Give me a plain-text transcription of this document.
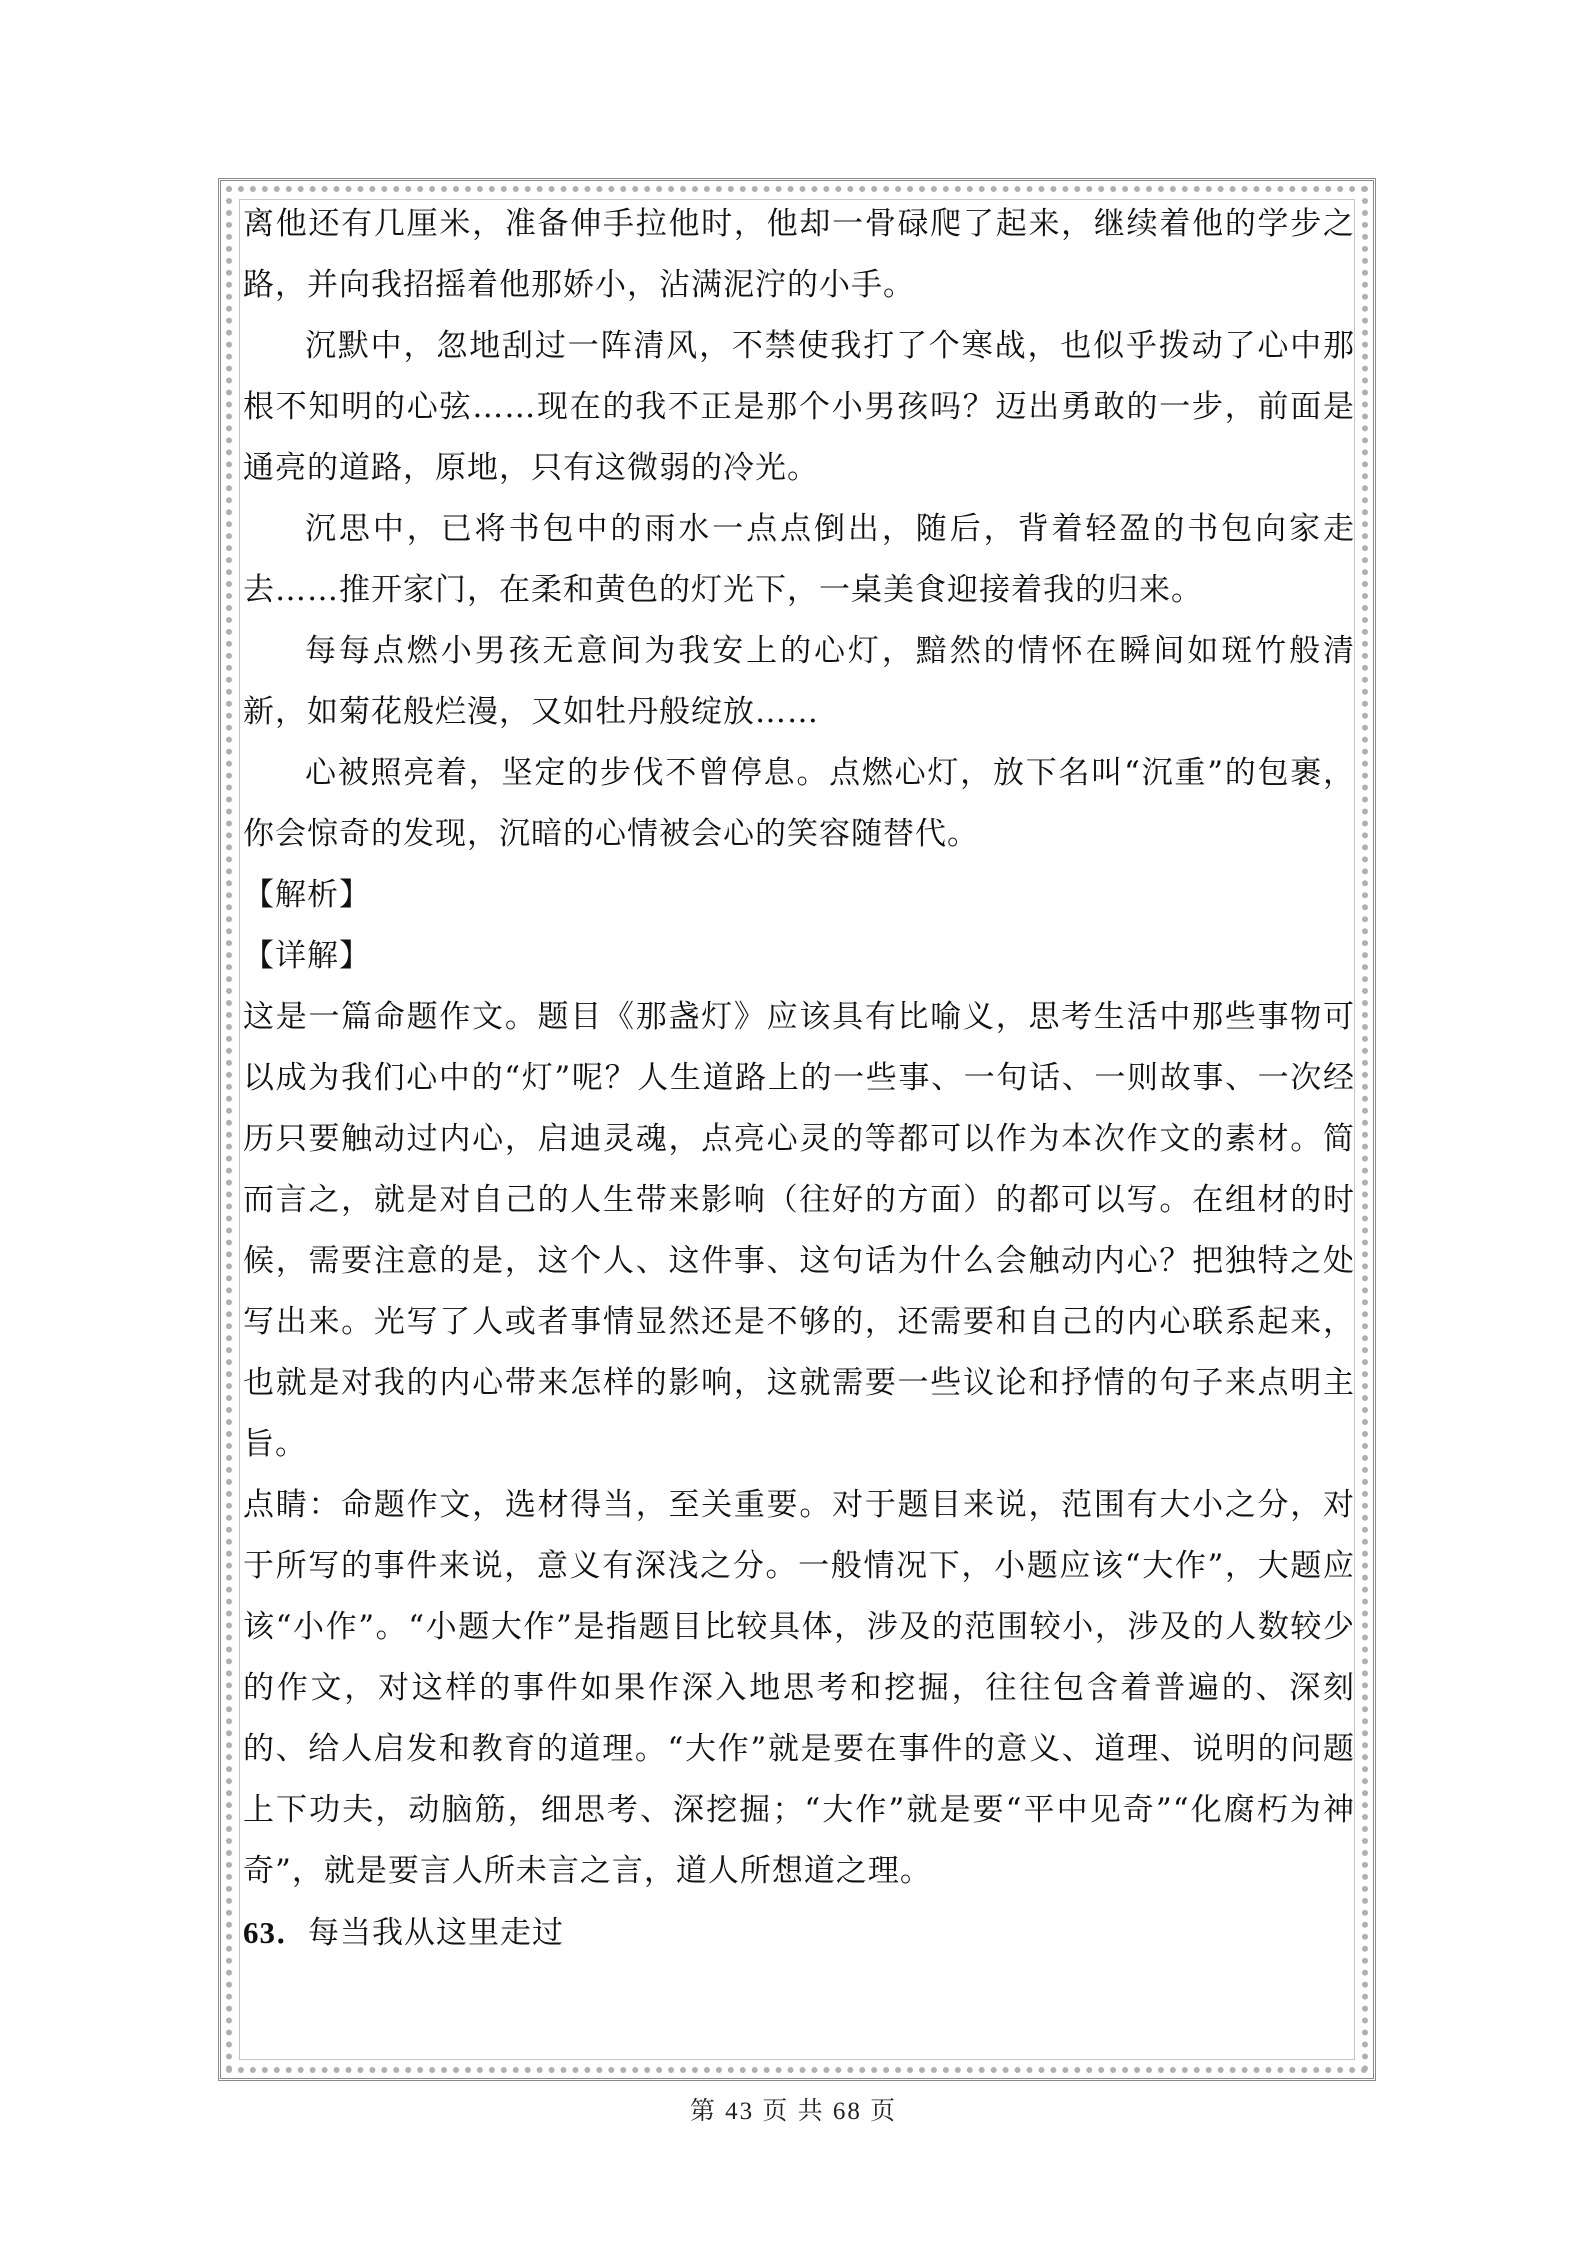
离他还有几厘米，准备伸手拉他时，他却一骨碌爬了起来，继续着他的学步之路，并向我招摇着他那娇小，沾满泥泞的小手。

沉默中，忽地刮过一阵清风，不禁使我打了个寒战，也似乎拨动了心中那根不知明的心弦……现在的我不正是那个小男孩吗？迈出勇敢的一步，前面是通亮的道路，原地，只有这微弱的冷光。

沉思中，已将书包中的雨水一点点倒出，随后，背着轻盈的书包向家走去……推开家门，在柔和黄色的灯光下，一桌美食迎接着我的归来。

每每点燃小男孩无意间为我安上的心灯，黯然的情怀在瞬间如斑竹般清新，如菊花般烂漫，又如牡丹般绽放……

心被照亮着，坚定的步伐不曾停息。点燃心灯，放下名叫“沉重”的包裹，你会惊奇的发现，沉暗的心情被会心的笑容随替代。

【解析】

【详解】

这是一篇命题作文。题目《那盏灯》应该具有比喻义，思考生活中那些事物可以成为我们心中的“灯”呢？人生道路上的一些事、一句话、一则故事、一次经历只要触动过内心，启迪灵魂，点亮心灵的等都可以作为本次作文的素材。简而言之，就是对自己的人生带来影响（往好的方面）的都可以写。在组材的时候，需要注意的是，这个人、这件事、这句话为什么会触动内心？把独特之处写出来。光写了人或者事情显然还是不够的，还需要和自己的内心联系起来，也就是对我的内心带来怎样的影响，这就需要一些议论和抒情的句子来点明主旨。

点睛：命题作文，选材得当，至关重要。对于题目来说，范围有大小之分，对于所写的事件来说，意义有深浅之分。一般情况下，小题应该“大作”，大题应该“小作”。“小题大作”是指题目比较具体，涉及的范围较小，涉及的人数较少的作文，对这样的事件如果作深入地思考和挖掘，往往包含着普遍的、深刻的、给人启发和教育的道理。“大作”就是要在事件的意义、道理、说明的问题上下功夫，动脑筋，细思考、深挖掘；“大作”就是要“平中见奇”“化腐朽为神奇”，就是要言人所未言之言，道人所想道之理。

63．每当我从这里走过

第 43 页 共 68 页
